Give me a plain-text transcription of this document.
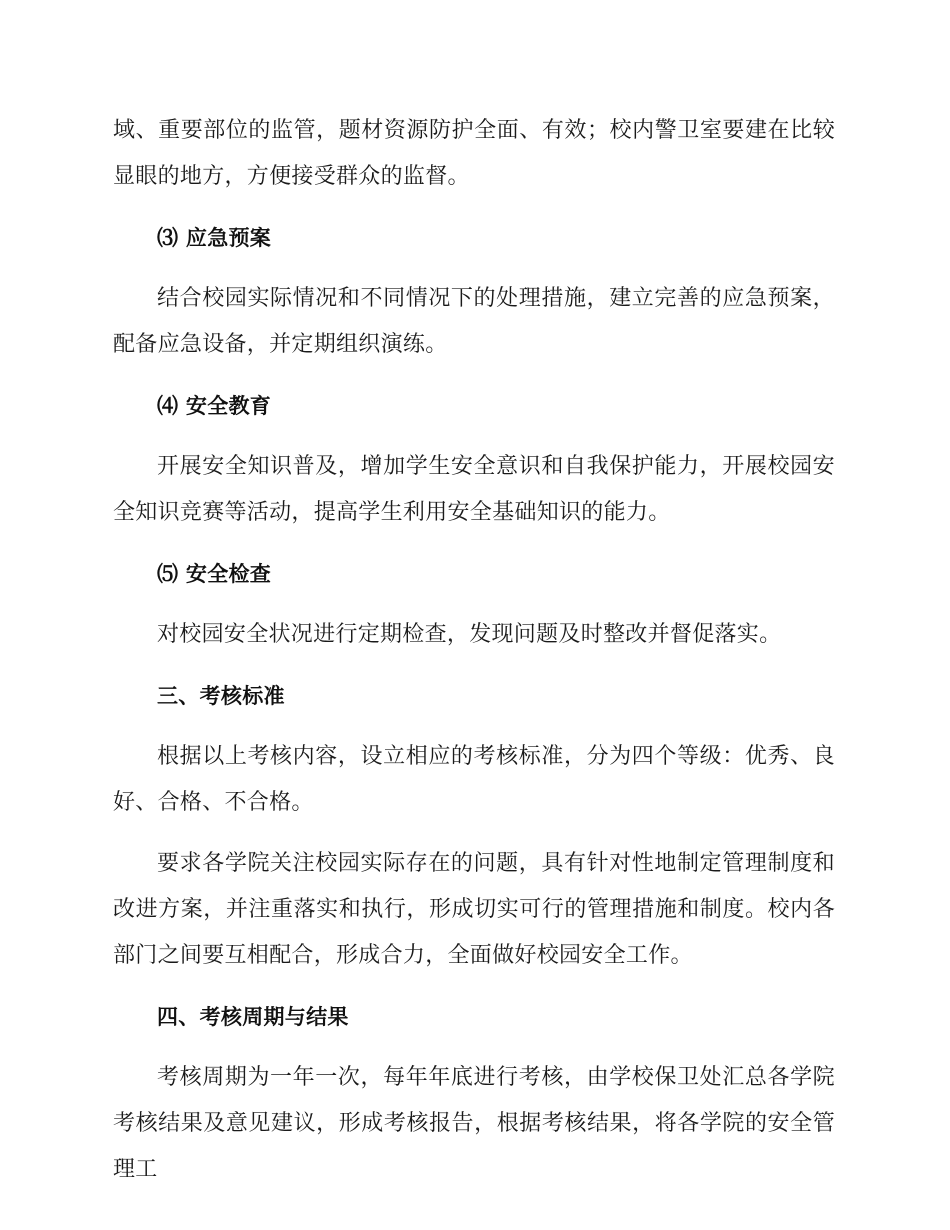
域、重要部位的监管，题材资源防护全面、有效；校内警卫室要建在比较显眼的地方，方便接受群众的监督。

⑶ 应急预案

结合校园实际情况和不同情况下的处理措施，建立完善的应急预案，配备应急设备，并定期组织演练。

⑷ 安全教育

开展安全知识普及，增加学生安全意识和自我保护能力，开展校园安全知识竞赛等活动，提高学生利用安全基础知识的能力。

⑸ 安全检查

对校园安全状况进行定期检查，发现问题及时整改并督促落实。

三、考核标准

根据以上考核内容，设立相应的考核标准，分为四个等级：优秀、良好、合格、不合格。

要求各学院关注校园实际存在的问题，具有针对性地制定管理制度和改进方案，并注重落实和执行，形成切实可行的管理措施和制度。校内各部门之间要互相配合，形成合力，全面做好校园安全工作。

四、考核周期与结果

考核周期为一年一次，每年年底进行考核，由学校保卫处汇总各学院考核结果及意见建议，形成考核报告，根据考核结果，将各学院的安全管理工
